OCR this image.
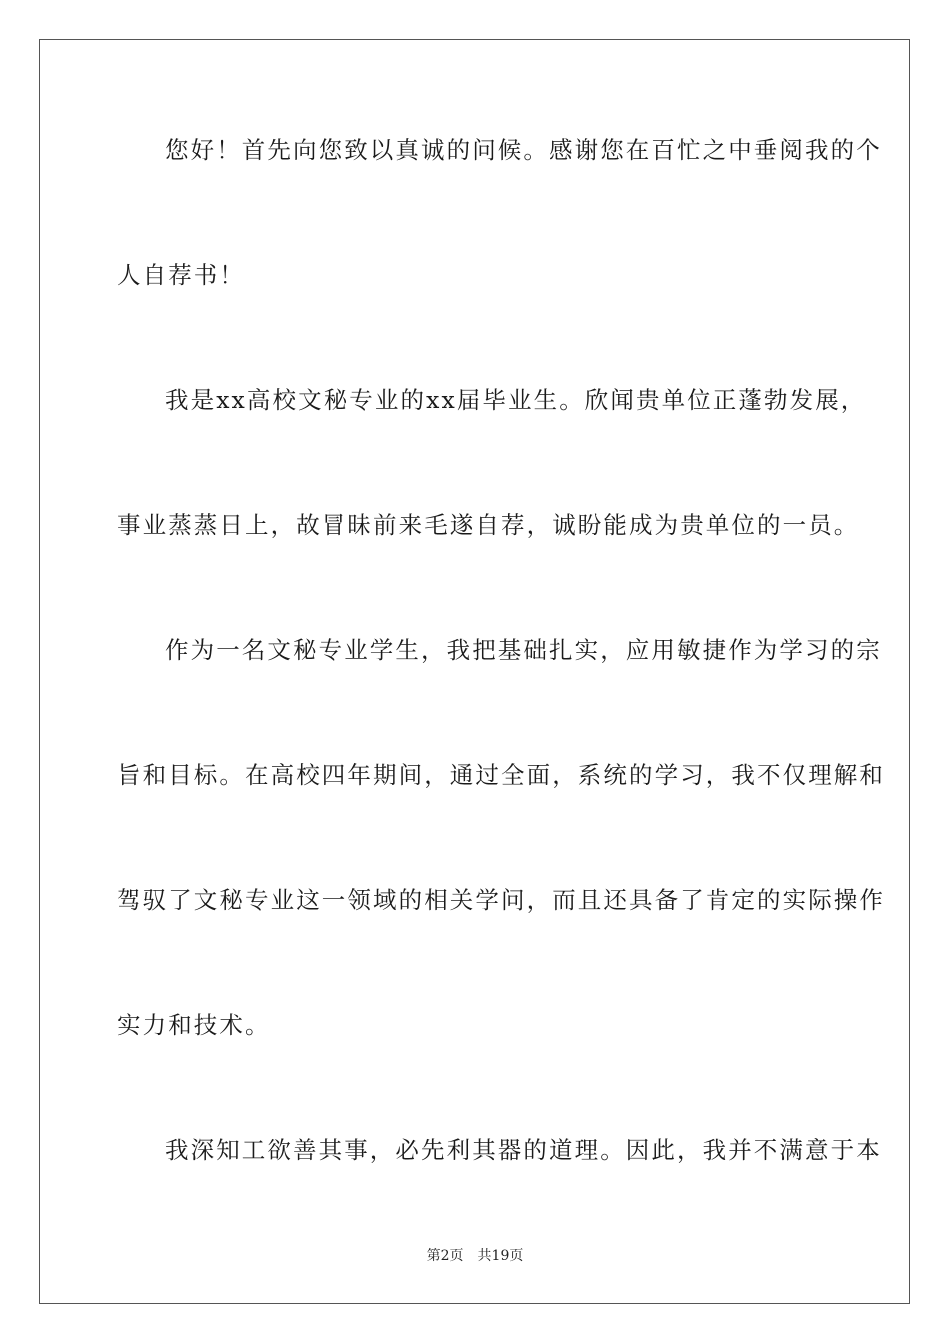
您好！首先向您致以真诚的问候。感谢您在百忙之中垂阅我的个
人自荐书！
我是xx高校文秘专业的xx届毕业生。欣闻贵单位正蓬勃发展，
事业蒸蒸日上，故冒昧前来毛遂自荐，诚盼能成为贵单位的一员。
作为一名文秘专业学生，我把基础扎实，应用敏捷作为学习的宗
旨和目标。在高校四年期间，通过全面，系统的学习，我不仅理解和
驾驭了文秘专业这一领域的相关学问，而且还具备了肯定的实际操作
实力和技术。
我深知工欲善其事，必先利其器的道理。因此，我并不满意于本
第2页 共19页
